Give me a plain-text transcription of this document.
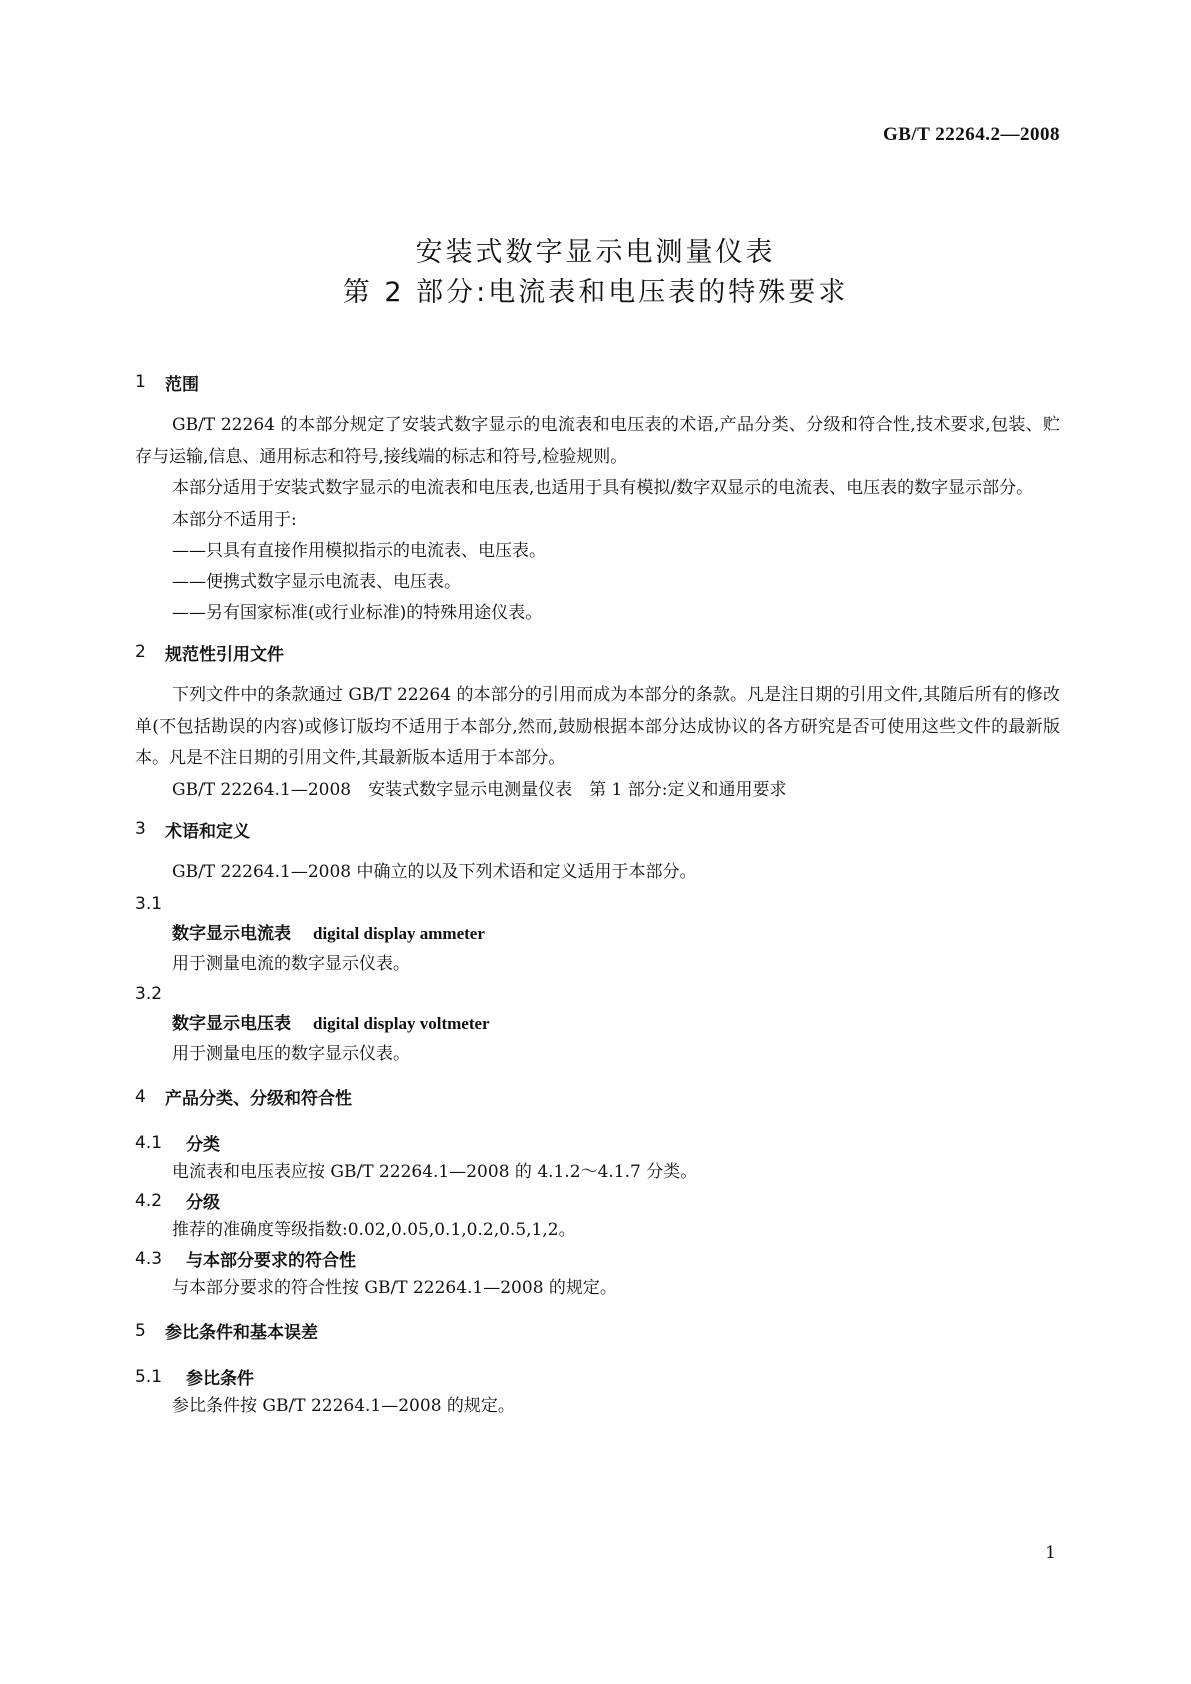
GB/T 22264.2—2008
安装式数字显示电测量仪表
第 2 部分:电流表和电压表的特殊要求
1	范围

GB/T 22264 的本部分规定了安装式数字显示的电流表和电压表的术语,产品分类、分级和符合性,技术要求,包装、贮存与运输,信息、通用标志和符号,接线端的标志和符号,检验规则。

本部分适用于安装式数字显示的电流表和电压表,也适用于具有模拟/数字双显示的电流表、电压表的数字显示部分。

本部分不适用于:

——只具有直接作用模拟指示的电流表、电压表。
——便携式数字显示电流表、电压表。
——另有国家标准(或行业标准)的特殊用途仪表。
2	规范性引用文件

下列文件中的条款通过 GB/T 22264 的本部分的引用而成为本部分的条款。凡是注日期的引用文件,其随后所有的修改单(不包括勘误的内容)或修订版均不适用于本部分,然而,鼓励根据本部分达成协议的各方研究是否可使用这些文件的最新版本。凡是不注日期的引用文件,其最新版本适用于本部分。

GB/T 22264.1—2008　安装式数字显示电测量仪表　第 1 部分:定义和通用要求

3	术语和定义

GB/T 22264.1—2008 中确立的以及下列术语和定义适用于本部分。

3.1
数字显示电流表 digital display ammeter
用于测量电流的数字显示仪表。
3.2
数字显示电压表 digital display voltmeter
用于测量电压的数字显示仪表。
4	产品分类、分级和符合性
4.1	分类
电流表和电压表应按 GB/T 22264.1—2008 的 4.1.2～4.1.7 分类。
4.2	分级
推荐的准确度等级指数:0.02,0.05,0.1,0.2,0.5,1,2。
4.3	与本部分要求的符合性
与本部分要求的符合性按 GB/T 22264.1—2008 的规定。
5	参比条件和基本误差
5.1	参比条件
参比条件按 GB/T 22264.1—2008 的规定。
1
